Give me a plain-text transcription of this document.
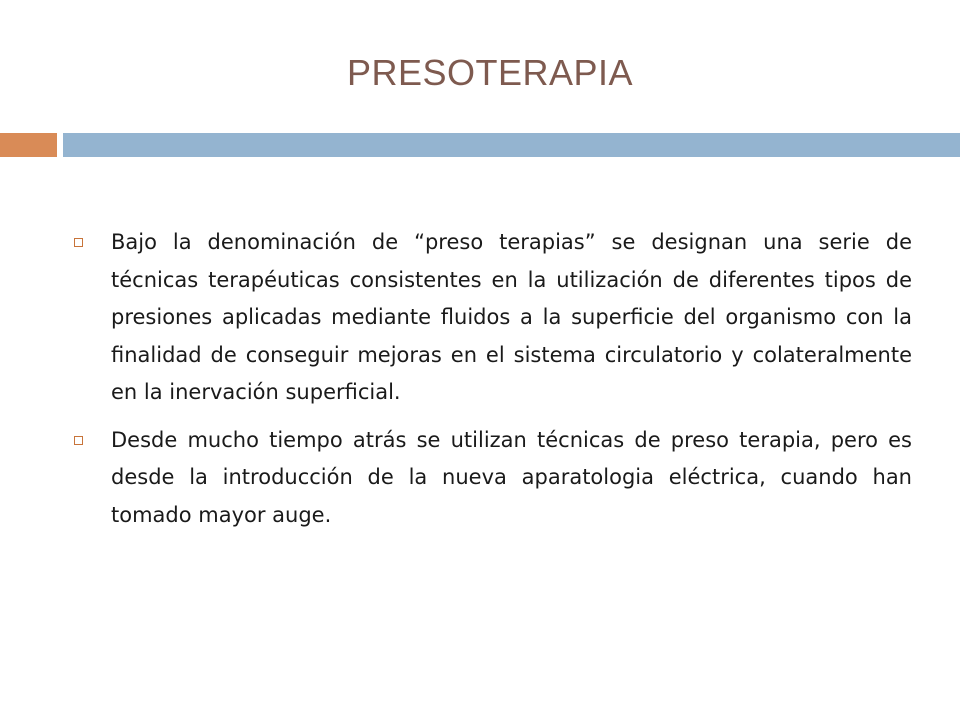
PRESOTERAPIA
Bajo la denominación de “preso terapias” se designan una serie de técnicas terapéuticas consistentes en la utilización de diferentes tipos de presiones aplicadas mediante fluidos a la superficie del organismo con la finalidad de conseguir mejoras en el sistema circulatorio y colateralmente en la inervación superficial.
Desde mucho tiempo atrás se utilizan técnicas de preso terapia, pero es desde la introducción de la nueva aparatologia eléctrica, cuando han tomado mayor auge.
